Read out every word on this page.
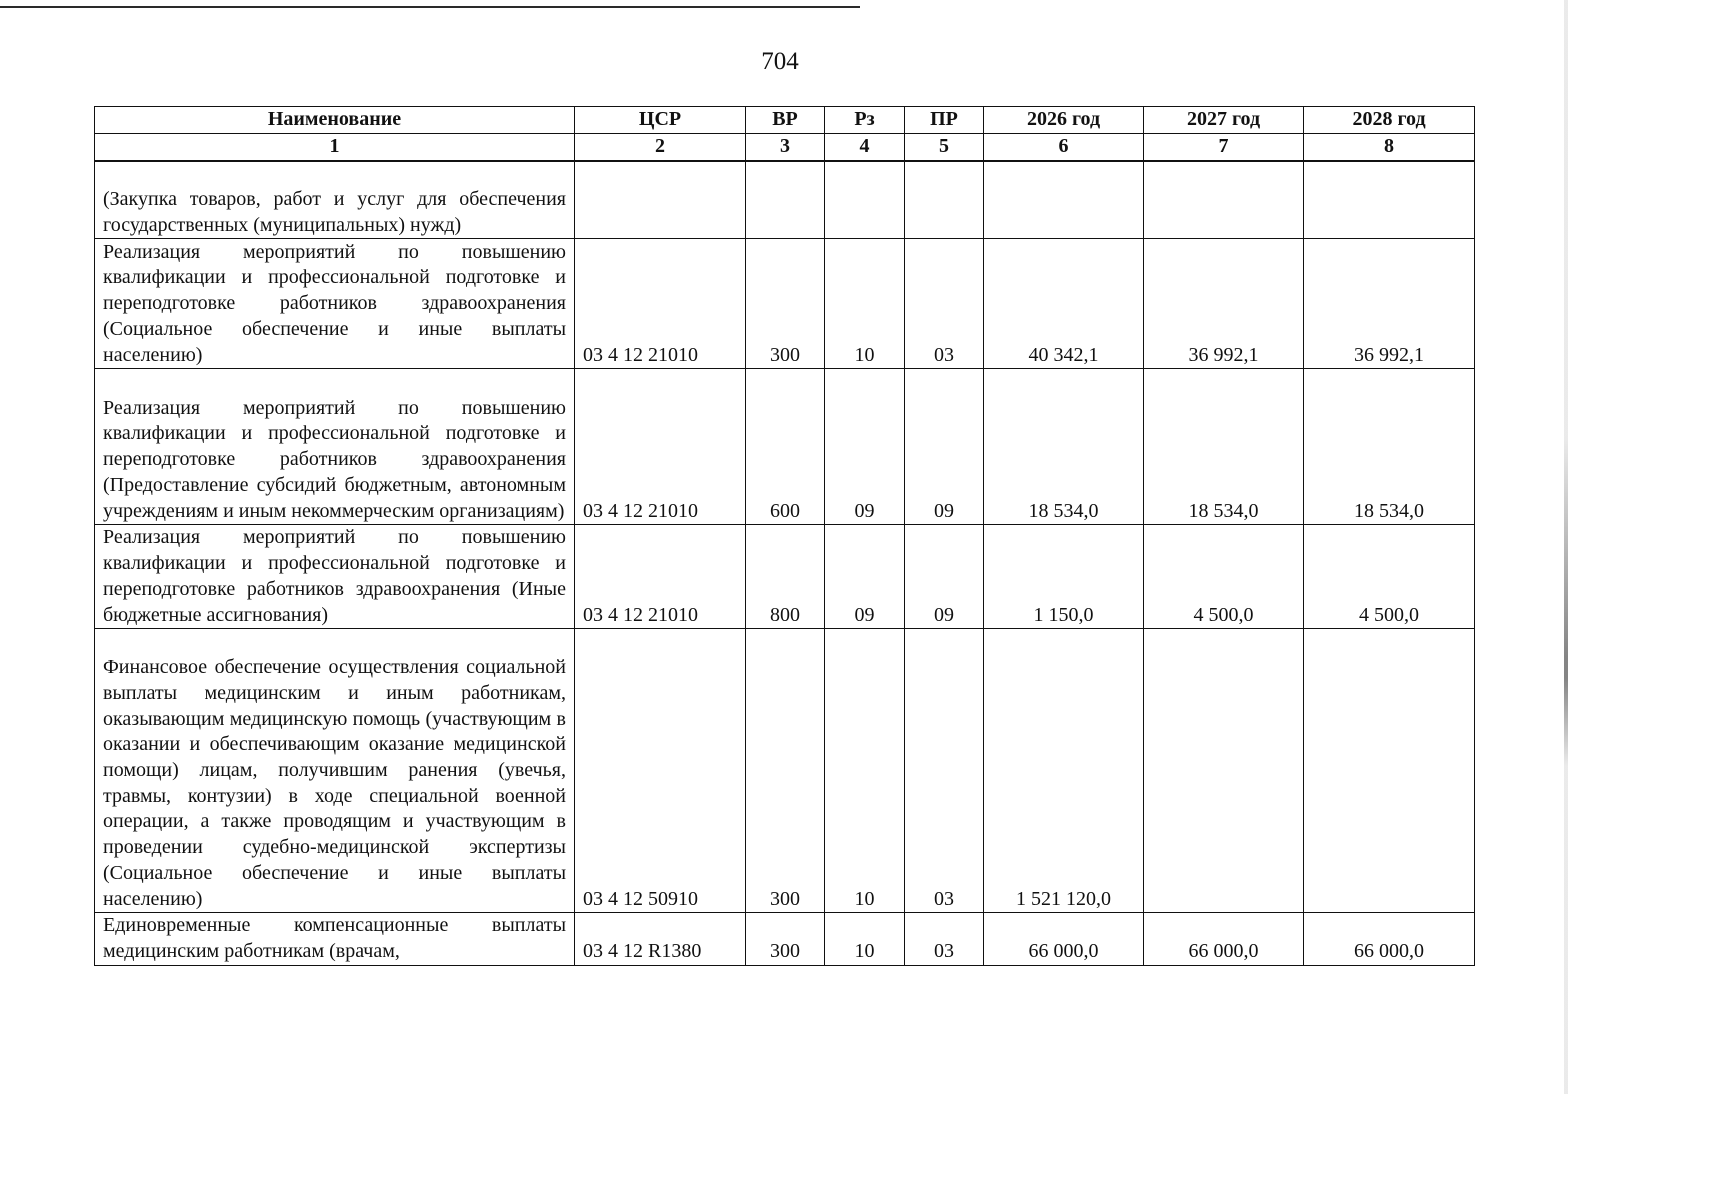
704
Наименование	ЦСР	ВР	Рз	ПР	2026 год	2027 год	2028 год
1	2	3	4	5	6	7	8
(Закупка товаров, работ и услуг для обеспечения государственных (муниципальных) нужд)							
Реализация мероприятий по повышению квалификации и профессиональной подготовке и переподготовке работников здравоохранения (Социальное обеспечение и иные выплаты населению)	03 4 12 21010	300	10	03	40 342,1	36 992,1	36 992,1
Реализация мероприятий по повышению квалификации и профессиональной подготовке и переподготовке работников здравоохранения (Предоставление субсидий бюджетным, автономным учреждениям и иным некоммерческим организациям)	03 4 12 21010	600	09	09	18 534,0	18 534,0	18 534,0
Реализация мероприятий по повышению квалификации и профессиональной подготовке и переподготовке работников здравоохранения (Иные бюджетные ассигнования)	03 4 12 21010	800	09	09	1 150,0	4 500,0	4 500,0
Финансовое обеспечение осуществления социальной выплаты медицинским и иным работникам, оказывающим медицинскую помощь (участвующим в оказании и обеспечивающим оказание медицинской помощи) лицам, получившим ранения (увечья, травмы, контузии) в ходе специальной военной операции, а также проводящим и участвующим в проведении судебно-медицинской экспертизы (Социальное обеспечение и иные выплаты населению)	03 4 12 50910	300	10	03	1 521 120,0		
Единовременные компенсационные выплаты медицинским работникам (врачам,	03 4 12 R1380	300	10	03	66 000,0	66 000,0	66 000,0
